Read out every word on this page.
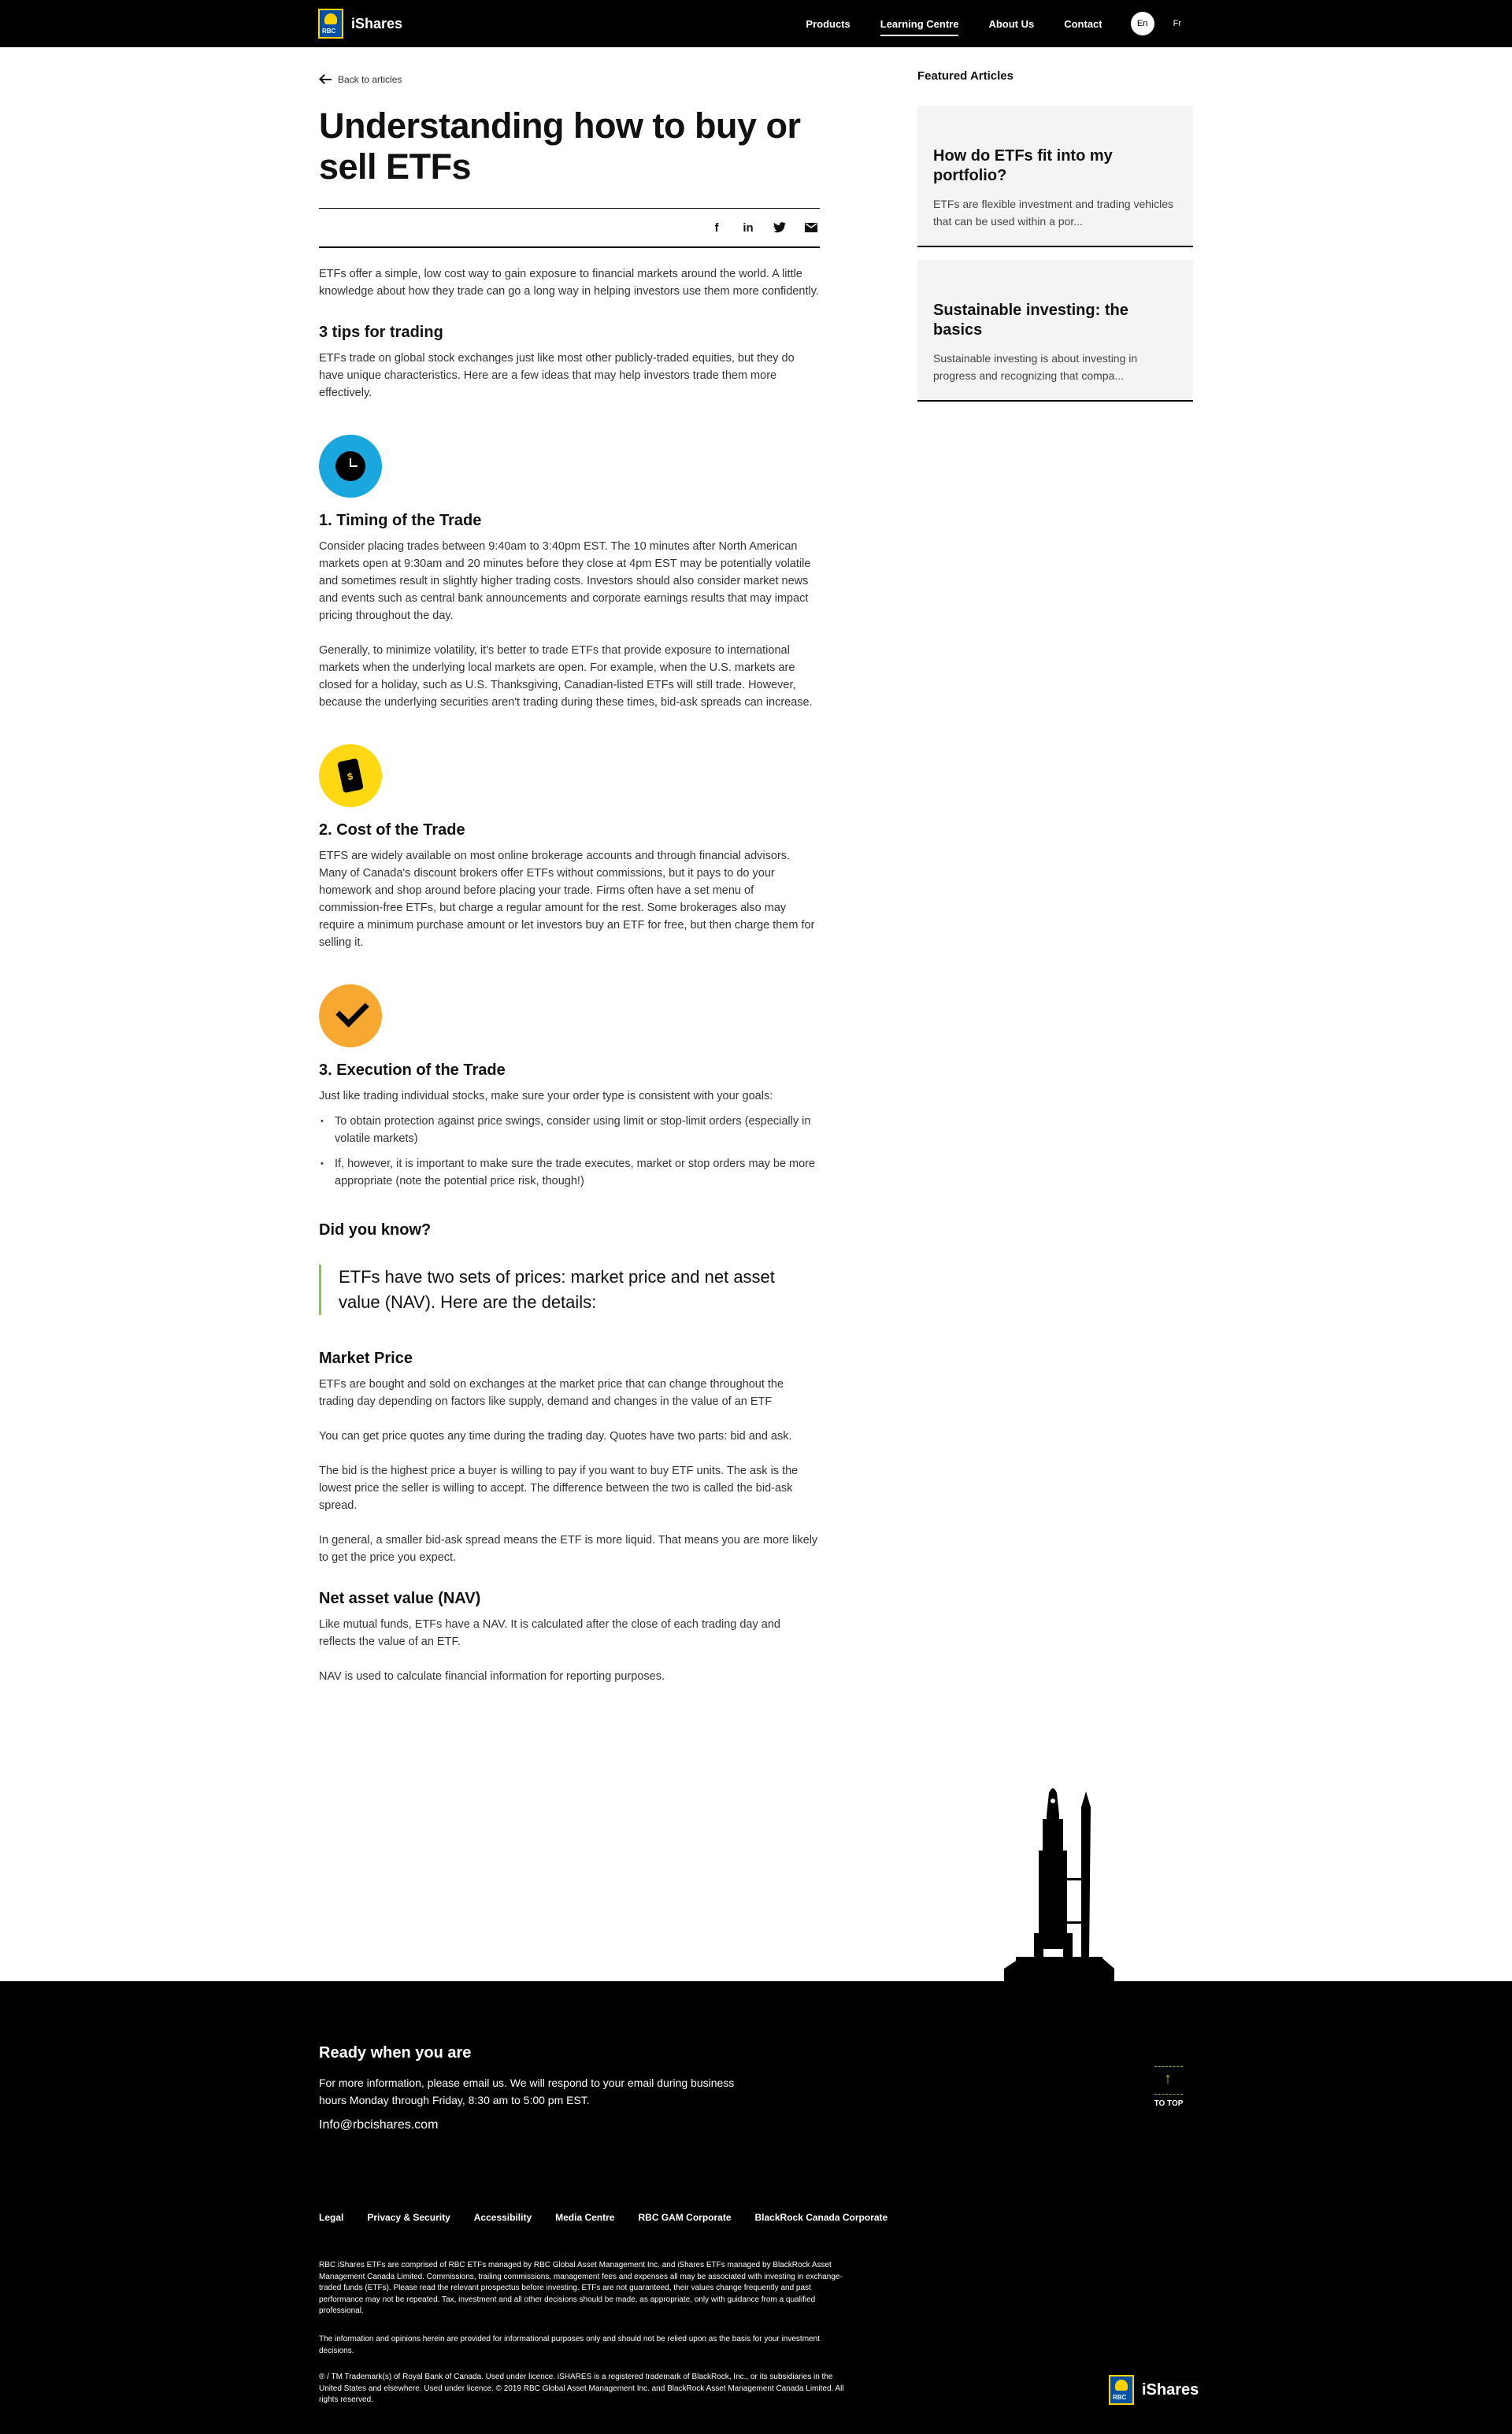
RBC iShares	Products	Learning Centre	About Us	Contact	En	Fr
Back to articles
Understanding how to buy or sell ETFs
f	in

ETFs offer a simple, low cost way to gain exposure to financial markets around the world. A little knowledge about how they trade can go a long way in helping investors use them more confidently.

3 tips for trading

ETFs trade on global stock exchanges just like most other publicly-traded equities, but they do have unique characteristics. Here are a few ideas that may help investors trade them more effectively.

1. Timing of the Trade

Consider placing trades between 9:40am to 3:40pm EST. The 10 minutes after North American markets open at 9:30am and 20 minutes before they close at 4pm EST may be potentially volatile and sometimes result in slightly higher trading costs. Investors should also consider market news and events such as central bank announcements and corporate earnings results that may impact pricing throughout the day.

Generally, to minimize volatility, it's better to trade ETFs that provide exposure to international markets when the underlying local markets are open. For example, when the U.S. markets are closed for a holiday, such as U.S. Thanksgiving, Canadian-listed ETFs will still trade. However, because the underlying securities aren't trading during these times, bid-ask spreads can increase.

$
2. Cost of the Trade

ETFS are widely available on most online brokerage accounts and through financial advisors. Many of Canada's discount brokers offer ETFs without commissions, but it pays to do your homework and shop around before placing your trade. Firms often have a set menu of commission-free ETFs, but charge a regular amount for the rest. Some brokerages also may require a minimum purchase amount or let investors buy an ETF for free, but then charge them for selling it.

3. Execution of the Trade

Just like trading individual stocks, make sure your order type is consistent with your goals:

• To obtain protection against price swings, consider using limit or stop-limit orders (especially in volatile markets)
• If, however, it is important to make sure the trade executes, market or stop orders may be more appropriate (note the potential price risk, though!)
Did you know?
ETFs have two sets of prices: market price and net asset value (NAV). Here are the details:
Market Price

ETFs are bought and sold on exchanges at the market price that can change throughout the trading day depending on factors like supply, demand and changes in the value of an ETF

You can get price quotes any time during the trading day. Quotes have two parts: bid and ask.

The bid is the highest price a buyer is willing to pay if you want to buy ETF units. The ask is the lowest price the seller is willing to accept. The difference between the two is called the bid-ask spread.

In general, a smaller bid-ask spread means the ETF is more liquid. That means you are more likely to get the price you expect.

Net asset value (NAV)

Like mutual funds, ETFs have a NAV. It is calculated after the close of each trading day and reflects the value of an ETF.

NAV is used to calculate financial information for reporting purposes.

Featured Articles
How do ETFs fit into my portfolio?

ETFs are flexible investment and trading vehicles that can be used within a por...

Sustainable investing: the basics

Sustainable investing is about investing in progress and recognizing that compa...

Ready when you are

For more information, please email us. We will respond to your email during business hours Monday through Friday, 8:30 am to 5:00 pm EST.

Info@rbcishares.com
↑
TO TOP
Legal	Privacy & Security	Accessibility	Media Centre	RBC GAM Corporate	BlackRock Canada Corporate

RBC iShares ETFs are comprised of RBC ETFs managed by RBC Global Asset Management Inc. and iShares ETFs managed by BlackRock Asset Management Canada Limited. Commissions, trailing commissions, management fees and expenses all may be associated with investing in exchange-traded funds (ETFs). Please read the relevant prospectus before investing. ETFs are not guaranteed, their values change frequently and past performance may not be repeated. Tax, investment and all other decisions should be made, as appropriate, only with guidance from a qualified professional.

The information and opinions herein are provided for informational purposes only and should not be relied upon as the basis for your investment decisions.

® / TM Trademark(s) of Royal Bank of Canada. Used under licence. iSHARES is a registered trademark of BlackRock, Inc., or its subsidiaries in the United States and elsewhere. Used under licence. © 2019 RBC Global Asset Management Inc. and BlackRock Asset Management Canada Limited. All rights reserved.	RBC iShares
